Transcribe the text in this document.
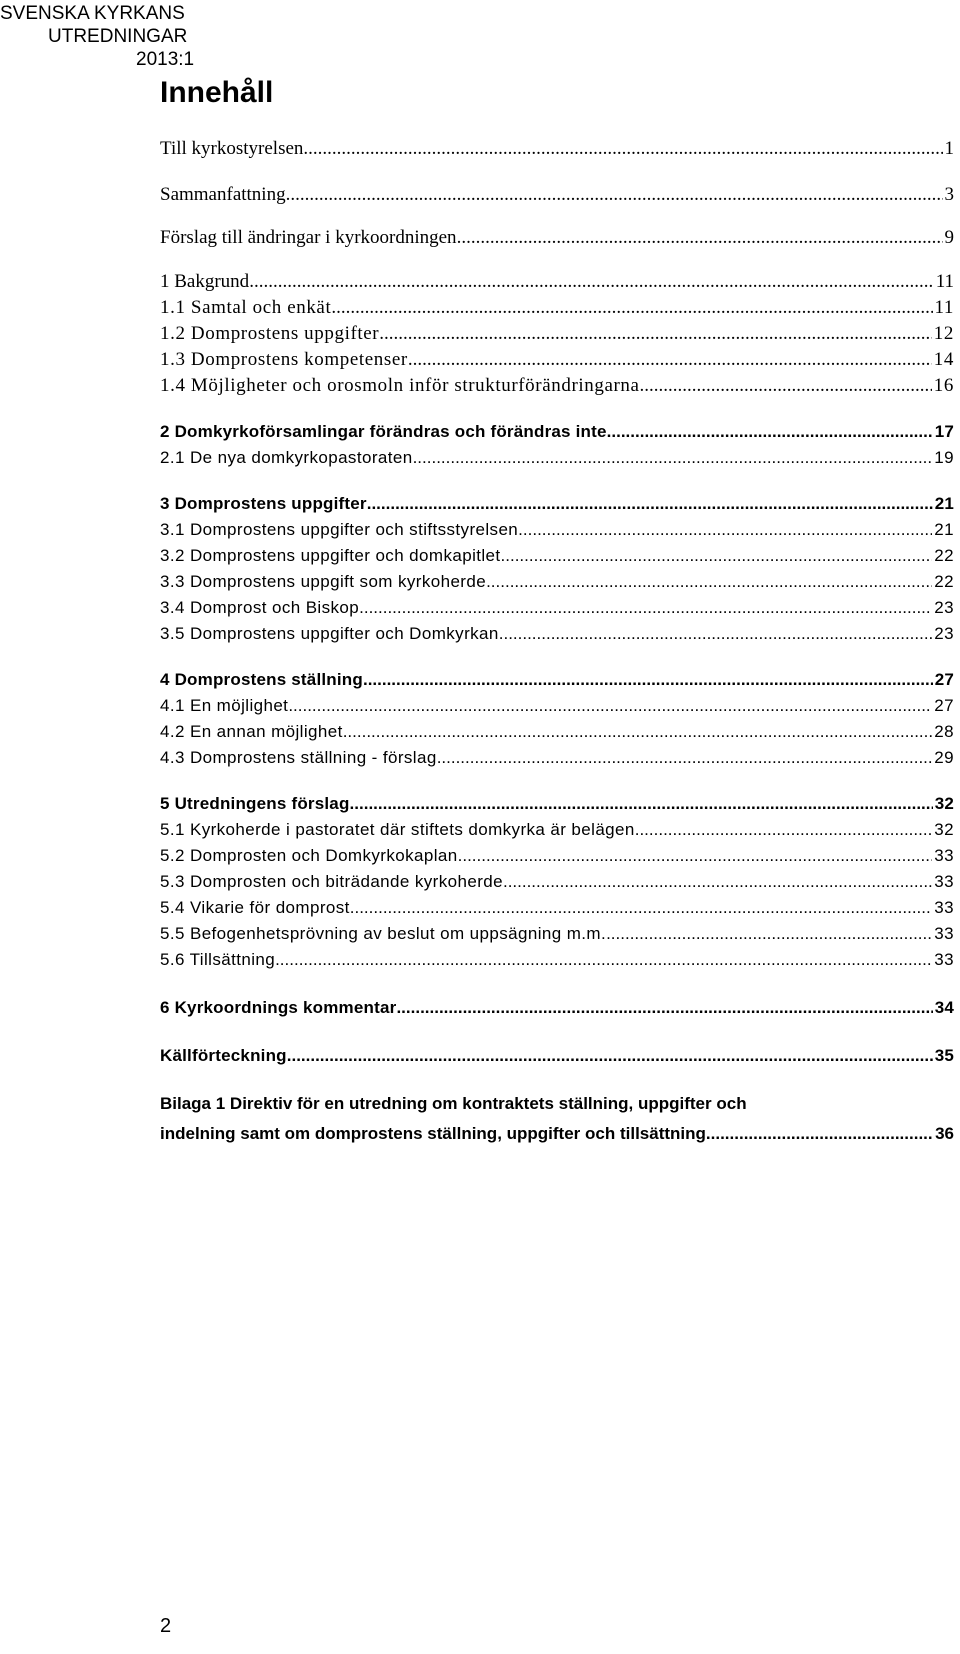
SVENSKA KYRKANS
UTREDNINGAR
2013:1
Innehåll
Till kyrkostyrelsen .....	1
Sammanfattning .....	3
Förslag till ändringar i kyrkoordningen .....	9
1 Bakgrund .....	11
1.1 Samtal och enkät .....	11
1.2 Domprostens uppgifter .....	12
1.3 Domprostens kompetenser .....	14
1.4 Möjligheter och orosmoln inför strukturförändringarna .....	16
2 Domkyrkoförsamlingar förändras och förändras inte .....	17
2.1 De nya domkyrkopastoraten .....	19
3 Domprostens uppgifter .....	21
3.1 Domprostens uppgifter och stiftsstyrelsen .....	21
3.2 Domprostens uppgifter och domkapitlet .....	22
3.3 Domprostens uppgift som kyrkoherde .....	22
3.4 Domprost och Biskop .....	23
3.5 Domprostens uppgifter och Domkyrkan .....	23
4 Domprostens ställning .....	27
4.1 En möjlighet .....	27
4.2 En annan möjlighet .....	28
4.3 Domprostens ställning - förslag .....	29
5 Utredningens förslag .....	32
5.1 Kyrkoherde i pastoratet där stiftets domkyrka är belägen .....	32
5.2 Domprosten och Domkyrkokaplan .....	33
5.3 Domprosten och biträdande kyrkoherde .....	33
5.4 Vikarie för domprost .....	33
5.5 Befogenhetsprövning av beslut om uppsägning m.m. .....	33
5.6 Tillsättning .....	33
6 Kyrkoordnings kommentar .....	34
Källförteckning .....	35
Bilaga 1 Direktiv för en utredning om kontraktets ställning, uppgifter och
indelning samt om domprostens ställning, uppgifter och tillsättning .....	36
2
